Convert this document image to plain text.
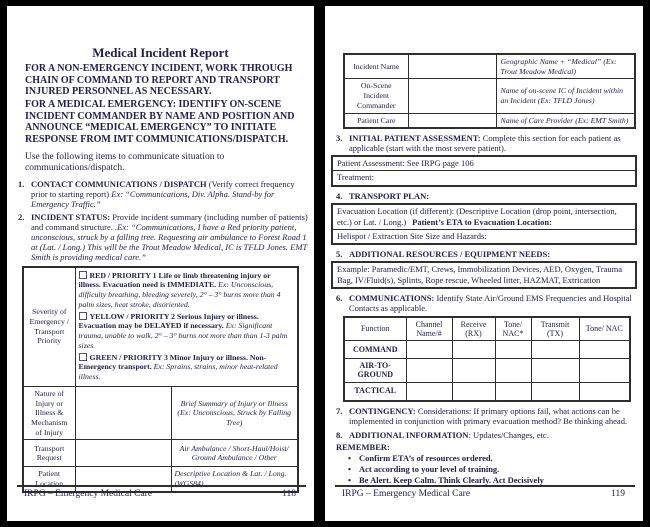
Medical Incident Report

FOR A NON-EMERGENCY INCIDENT, WORK THROUGH CHAIN OF COMMAND TO REPORT AND TRANSPORT INJURED PERSONNEL AS NECESSARY.

FOR A MEDICAL EMERGENCY: IDENTIFY ON-SCENE INCIDENT COMMANDER BY NAME AND POSITION AND ANNOUNCE “MEDICAL EMERGENCY” TO INITIATE RESPONSE FROM IMT COMMUNICATIONS/DISPATCH.

Use the following items to communicate situation to communications/dispatch.

1. CONTACT COMMUNICATIONS / DISPATCH (Verify correct frequency prior to starting report) Ex: “Communications, Div. Alpha. Stand-by for Emergency Traffic.”
2. INCIDENT STATUS: Provide incident summary (including number of patients) and command structure. .Ex: “Communications, I have a Red priority patient, unconscious, struck by a falling tree. Requesting air ambulance to Forest Road 1 at (Lat. / Long.) This will be the Trout Meadow Medical, IC is TFLD Jones. EMT Smith is providing medical care.”
Severity of Emergency / Transport Priority	RED / PRIORITY 1 Life or limb threatening injury or illness. Evacuation need is IMMEDIATE. Ex: Unconscious, difficulty breathing, bleeding severely, 2° – 3° burns more than 4 palm sizes, heat stroke, disoriented.
YELLOW / PRIORITY 2 Serious Injury or illness. Evacuation may be DELAYED if necessary. Ex: Significant trauma, unable to walk, 2° – 3° burns not more than than 1-3 palm sizes.
GREEN / PRIORITY 3 Minor Injury or illness. Non-Emergency transport. Ex: Sprains, strains, minor heat-related illness.	

Nature of Injury or Illness & Mechanism of Injury		Brief Summary of Injury or Illness (Ex: Unconscious, Struck by Falling Tree)
Transport Request		Air Ambulance / Short-Haul/Hoist/ Ground Ambulance / Other
Patient Location		Descriptive Location & Lat. / Long. (WGS84)
IRPG – Emergency Medical Care	118
Incident Name		Geographic Name + “Medical” (Ex: Trout Meadow Medical)
On-Scene Incident Commander		Name of on-scene IC of Incident within an Incident (Ex: TFLD Jones)
Patient Care		Name of Care Provider (Ex: EMT Smith)
3. INITIAL PATIENT ASSESSMENT: Complete this section for each patient as applicable (start with the most severe patient).
Patient Assessment: See IRPG page 106
Treatment:
4. TRANSPORT PLAN:
Evacuation Location (if different): (Descriptive Location (drop point, intersection, etc.) or Lat. / Long.) Patient’s ETA to Evacuation Location:
Helispot / Extraction Site Size and Hazards:
5. ADDITIONAL RESOURCES / EQUIPMENT NEEDS:
Example: Paramedic/EMT, Crews, Immobilization Devices, AED, Oxygen, Trauma Bag, IV/Fluid(s), Splints, Rope rescue, Wheeled litter, HAZMAT, Extrication
6. COMMUNICATIONS: Identify State Air/Ground EMS Frequencies and Hospital Contacts as applicable.
Function	Channel Name/#	Receive (RX)	Tone/ NAC*	Transmit (TX)	Tone/ NAC
COMMAND					
AIR-TO-GROUND					
TACTICAL					
7. CONTINGENCY: Considerations: If primary options fail, what actions can be implemented in conjunction with primary evacuation method? Be thinking ahead.
8. ADDITIONAL INFORMATION: Updates/Changes, etc.
REMEMBER:
• Confirm ETA’s of resources ordered.
• Act according to your level of training.
• Be Alert. Keep Calm. Think Clearly. Act Decisively
IRPG – Emergency Medical Care	119
